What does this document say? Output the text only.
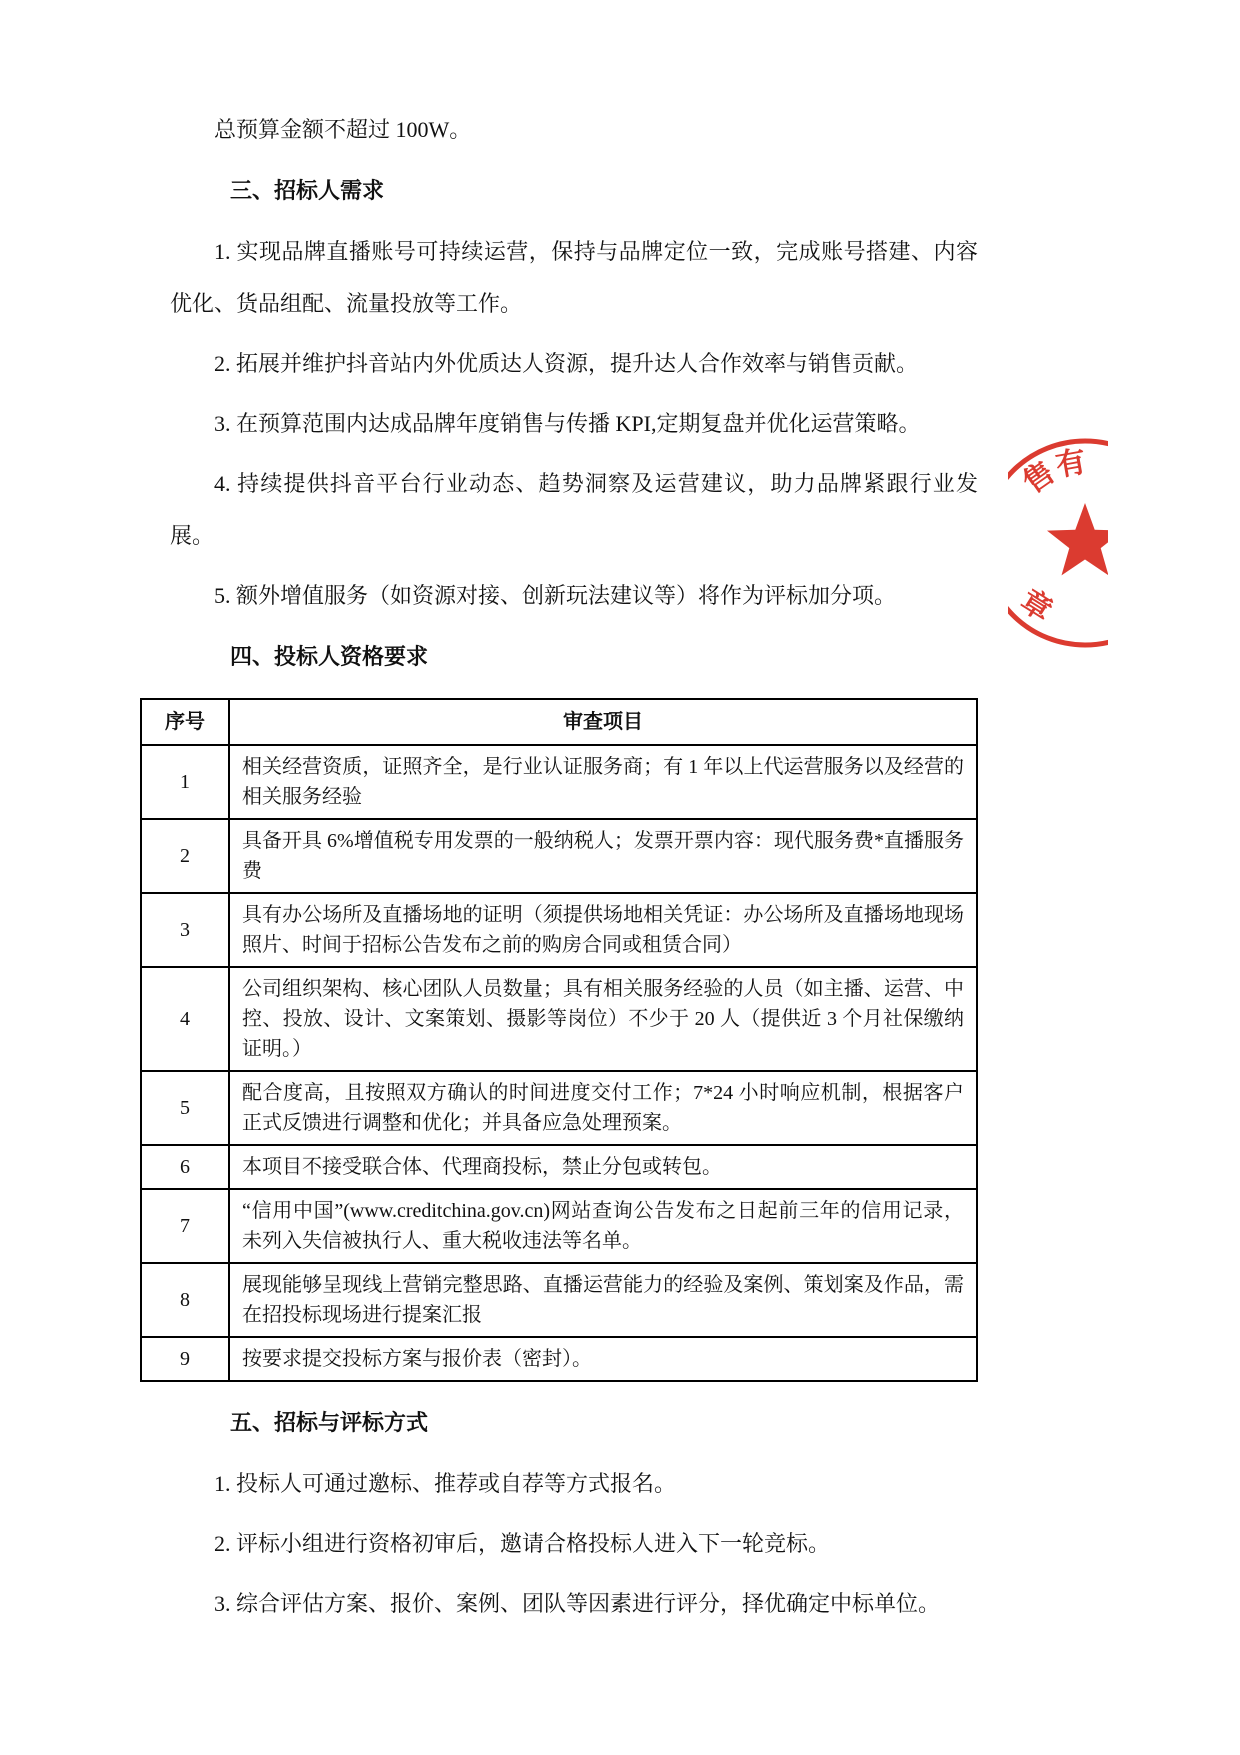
总预算金额不超过 100W。

三、招标人需求

1. 实现品牌直播账号可持续运营，保持与品牌定位一致，完成账号搭建、内容优化、货品组配、流量投放等工作。

2. 拓展并维护抖音站内外优质达人资源，提升达人合作效率与销售贡献。

3. 在预算范围内达成品牌年度销售与传播 KPI,定期复盘并优化运营策略。

4. 持续提供抖音平台行业动态、趋势洞察及运营建议，助力品牌紧跟行业发展。

5. 额外增值服务（如资源对接、创新玩法建议等）将作为评标加分项。

四、投标人资格要求
序号	审查项目
1	相关经营资质，证照齐全，是行业认证服务商；有 1 年以上代运营服务以及经营的相关服务经验
2	具备开具 6%增值税专用发票的一般纳税人；发票开票内容：现代服务费*直播服务费
3	具有办公场所及直播场地的证明（须提供场地相关凭证：办公场所及直播场地现场照片、时间于招标公告发布之前的购房合同或租赁合同）
4	公司组织架构、核心团队人员数量；具有相关服务经验的人员（如主播、运营、中控、投放、设计、文案策划、摄影等岗位）不少于 20 人（提供近 3 个月社保缴纳证明。）
5	配合度高，且按照双方确认的时间进度交付工作；7*24 小时响应机制，根据客户正式反馈进行调整和优化；并具备应急处理预案。
6	本项目不接受联合体、代理商投标，禁止分包或转包。
7	“信用中国”(www.creditchina.gov.cn)网站查询公告发布之日起前三年的信用记录，未列入失信被执行人、重大税收违法等名单。
8	展现能够呈现线上营销完整思路、直播运营能力的经验及案例、策划案及作品，需在招投标现场进行提案汇报
9	按要求提交投标方案与报价表（密封）。
五、招标与评标方式

1. 投标人可通过邀标、推荐或自荐等方式报名。

2. 评标小组进行资格初审后，邀请合格投标人进入下一轮竞标。

3. 综合评估方案、报价、案例、团队等因素进行评分，择优确定中标单位。

售
有
章
